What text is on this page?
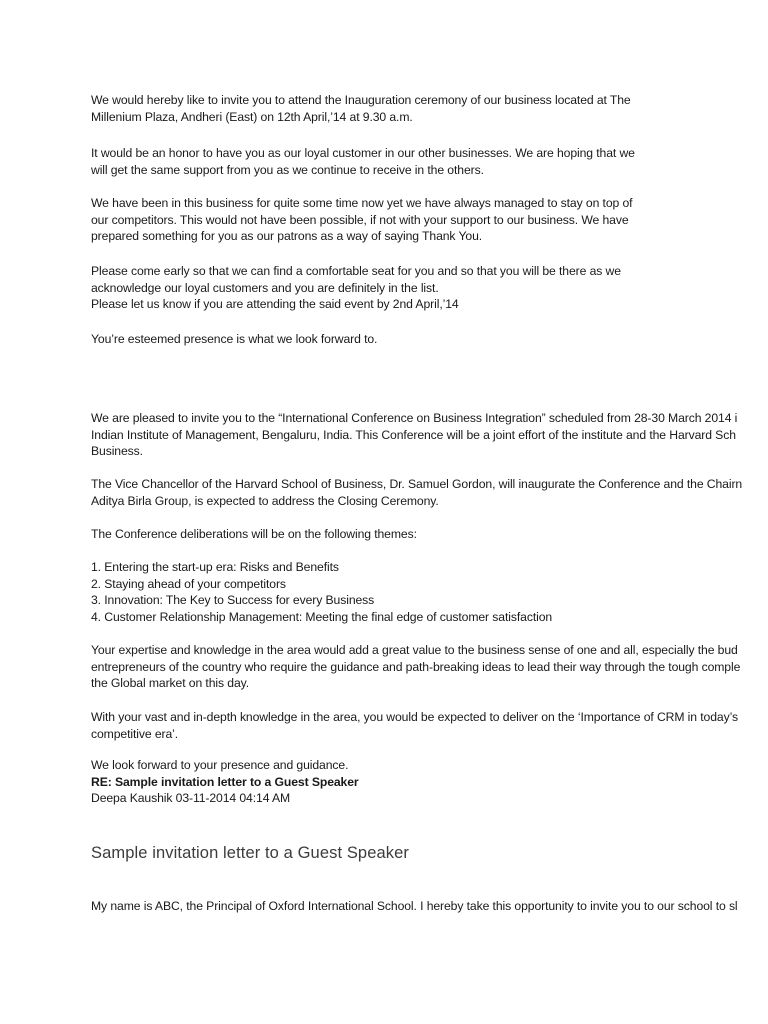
We would hereby like to invite you to attend the Inauguration ceremony of our business located at The
Millenium Plaza, Andheri (East) on 12th April,’14 at 9.30 a.m.
It would be an honor to have you as our loyal customer in our other businesses. We are hoping that we
will get the same support from you as we continue to receive in the others.
We have been in this business for quite some time now yet we have always managed to stay on top of
our competitors. This would not have been possible, if not with your support to our business. We have
prepared something for you as our patrons as a way of saying Thank You.
Please come early so that we can find a comfortable seat for you and so that you will be there as we
acknowledge our loyal customers and you are definitely in the list.
Please let us know if you are attending the said event by 2nd April,’14
You’re esteemed presence is what we look forward to.
We are pleased to invite you to the “International Conference on Business Integration” scheduled from 28-30 March 2014 i
Indian Institute of Management, Bengaluru, India. This Conference will be a joint effort of the institute and the Harvard Sch
Business.
The Vice Chancellor of the Harvard School of Business, Dr. Samuel Gordon, will inaugurate the Conference and the Chairn
Aditya Birla Group, is expected to address the Closing Ceremony.
The Conference deliberations will be on the following themes:
1. Entering the start-up era: Risks and Benefits
2. Staying ahead of your competitors
3. Innovation: The Key to Success for every Business
4. Customer Relationship Management: Meeting the final edge of customer satisfaction
Your expertise and knowledge in the area would add a great value to the business sense of one and all, especially the bud
entrepreneurs of the country who require the guidance and path-breaking ideas to lead their way through the tough comple
the Global market on this day.
With your vast and in-depth knowledge in the area, you would be expected to deliver on the ‘Importance of CRM in today’s
competitive era’.
We look forward to your presence and guidance.
RE: Sample invitation letter to a Guest Speaker
Deepa Kaushik 03-11-2014 04:14 AM
Sample invitation letter to a Guest Speaker
My name is ABC, the Principal of Oxford International School. I hereby take this opportunity to invite you to our school to sl
